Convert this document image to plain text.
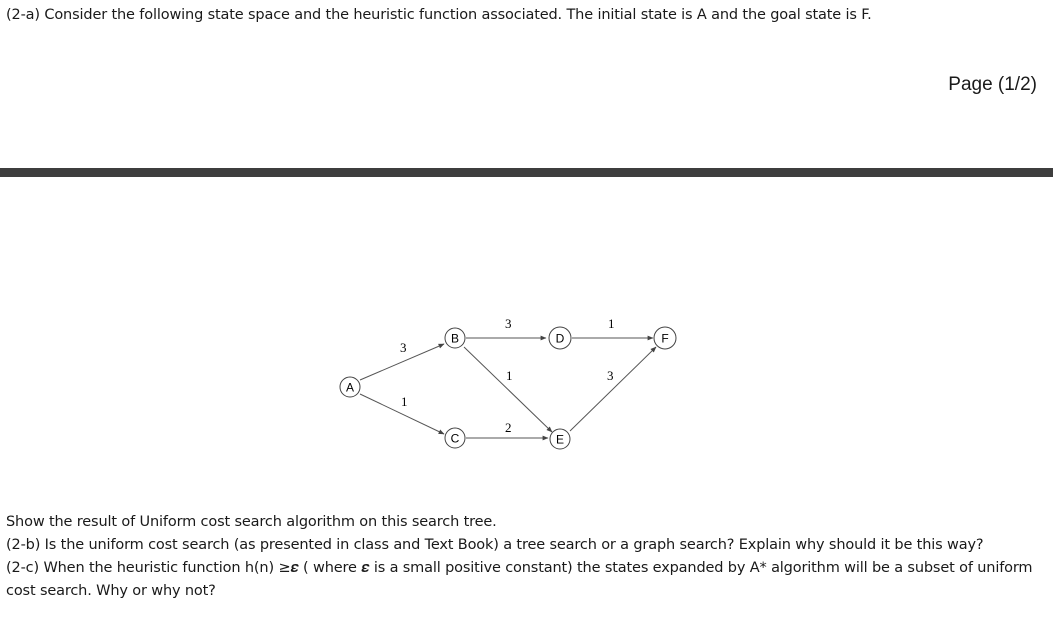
(2-a) Consider the following state space and the heuristic function associated. The initial state is A and the goal state is F.
Page (1/2)
3
1
3
1
2
1
3
A
B
C
D
E
F

Show the result of Uniform cost search algorithm on this search tree.

(2-b) Is the uniform cost search (as presented in class and Text Book) a tree search or a graph search? Explain why should it be this way?

(2-c) When the heuristic function h(n) ≥𝜺 ( where 𝜺 is a small positive constant) the states expanded by A* algorithm will be a subset of uniform cost search. Why or why not?
